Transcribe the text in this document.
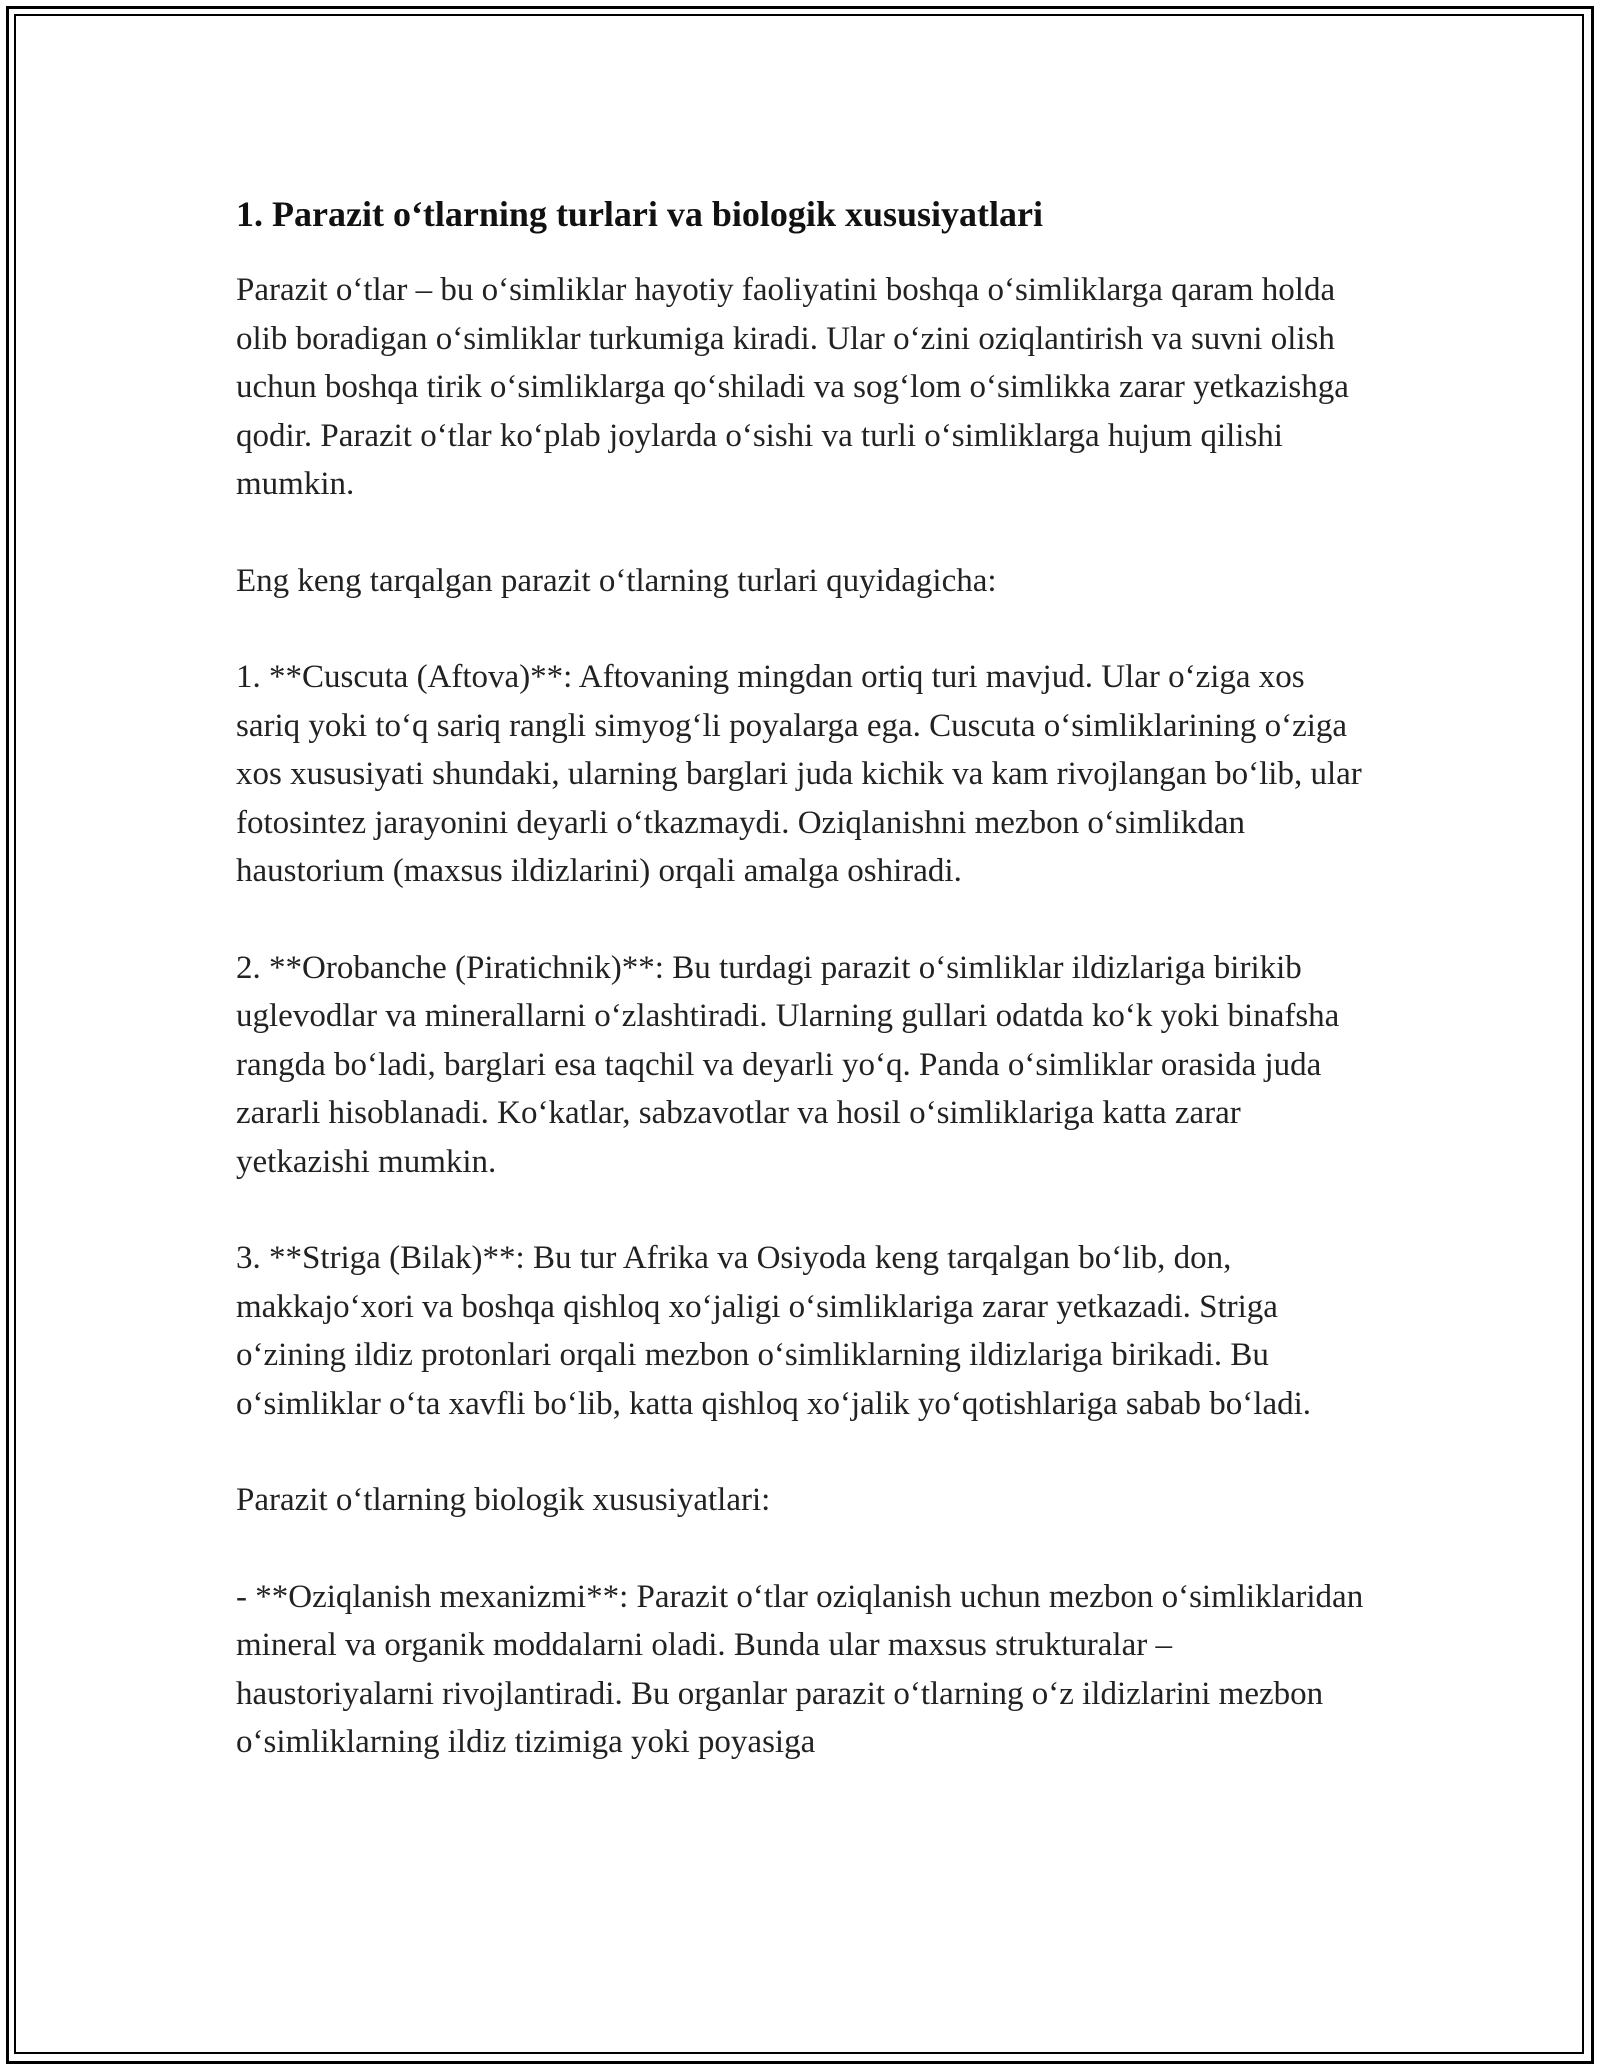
1. Parazit o‘tlarning turlari va biologik xususiyatlari

Parazit o‘tlar – bu o‘simliklar hayotiy faoliyatini boshqa o‘simliklarga qaram holda olib boradigan o‘simliklar turkumiga kiradi. Ular o‘zini oziqlantirish va suvni olish uchun boshqa tirik o‘simliklarga qo‘shiladi va sog‘lom o‘simlikka zarar yetkazishga qodir. Parazit o‘tlar ko‘plab joylarda o‘sishi va turli o‘simliklarga hujum qilishi mumkin.

Eng keng tarqalgan parazit o‘tlarning turlari quyidagicha:

1. **Cuscuta (Aftova)**: Aftovaning mingdan ortiq turi mavjud. Ular o‘ziga xos sariq yoki to‘q sariq rangli simyog‘li poyalarga ega. Cuscuta o‘simliklarining o‘ziga xos xususiyati shundaki, ularning barglari juda kichik va kam rivojlangan bo‘lib, ular fotosintez jarayonini deyarli o‘tkazmaydi. Oziqlanishni mezbon o‘simlikdan haustorium (maxsus ildizlarini) orqali amalga oshiradi.

2. **Orobanche (Piratichnik)**: Bu turdagi parazit o‘simliklar ildizlariga birikib uglevodlar va minerallarni o‘zlashtiradi. Ularning gullari odatda ko‘k yoki binafsha rangda bo‘ladi, barglari esa taqchil va deyarli yo‘q. Panda o‘simliklar orasida juda zararli hisoblanadi. Ko‘katlar, sabzavotlar va hosil o‘simliklariga katta zarar yetkazishi mumkin.

3. **Striga (Bilak)**: Bu tur Afrika va Osiyoda keng tarqalgan bo‘lib, don, makkajo‘xori va boshqa qishloq xo‘jaligi o‘simliklariga zarar yetkazadi. Striga o‘zining ildiz protonlari orqali mezbon o‘simliklarning ildizlariga birikadi. Bu o‘simliklar o‘ta xavfli bo‘lib, katta qishloq xo‘jalik yo‘qotishlariga sabab bo‘ladi.

Parazit o‘tlarning biologik xususiyatlari:

- **Oziqlanish mexanizmi**: Parazit o‘tlar oziqlanish uchun mezbon o‘simliklaridan mineral va organik moddalarni oladi. Bunda ular maxsus strukturalar – haustoriyalarni rivojlantiradi. Bu organlar parazit o‘tlarning o‘z ildizlarini mezbon o‘simliklarning ildiz tizimiga yoki poyasiga
